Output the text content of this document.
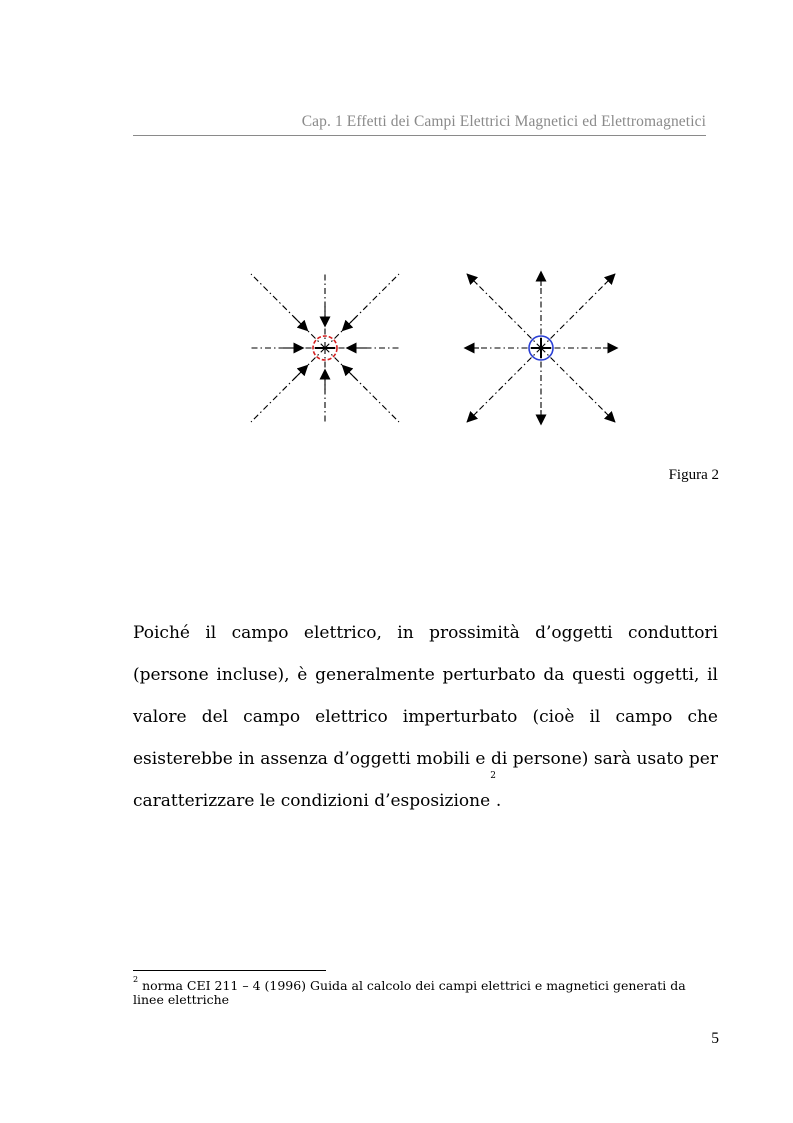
Cap. 1 Effetti dei Campi Elettrici Magnetici ed Elettromagnetici
Figura 2

Poiché il campo elettrico, in prossimità d’oggetti conduttori (persone incluse), è generalmente perturbato da questi oggetti, il valore del campo elettrico imperturbato (cioè il campo che esisterebbe in assenza d’oggetti mobili e di persone) sarà usato per caratterizzare le condizioni d’esposizione$^2$.

$^2$ norma CEI 211 – 4 (1996) Guida al calcolo dei campi elettrici e magnetici generati da linee elettriche
5
